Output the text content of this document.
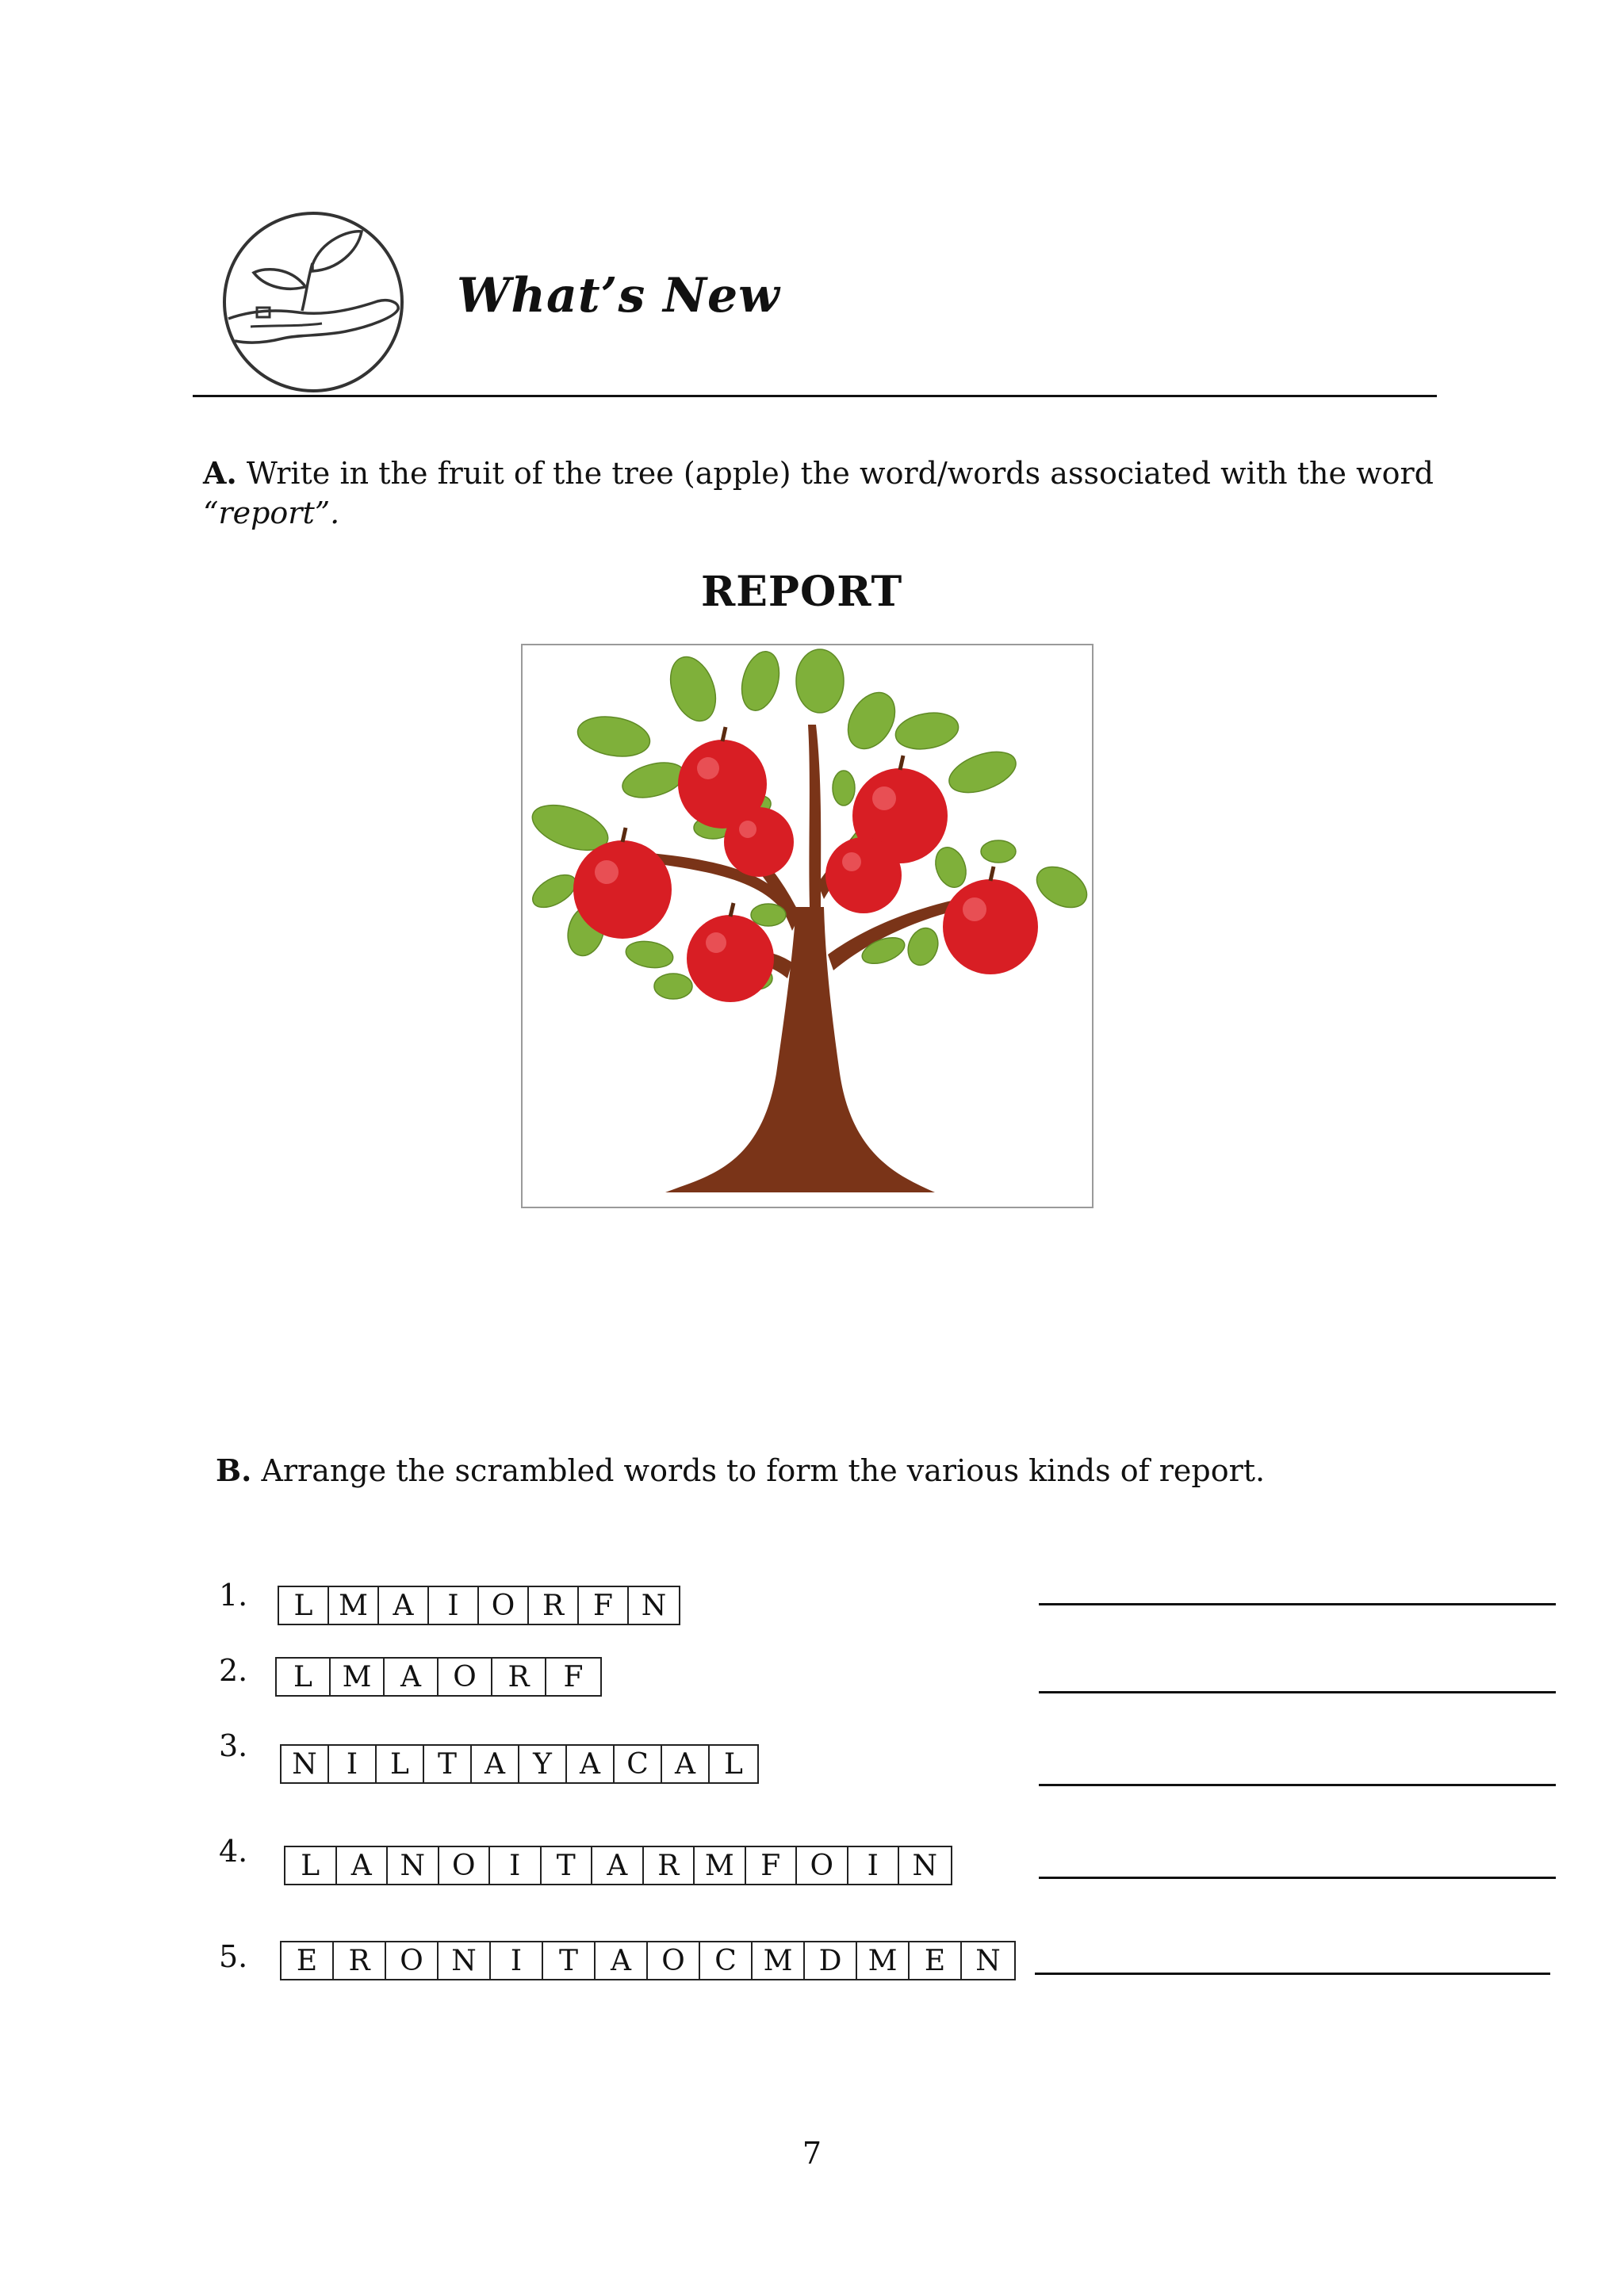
What’s New
A. Write in the fruit of the tree (apple) the word/words associated with the word “report”.
REPORT
B. Arrange the scrambled words to form the various kinds of report.
1.	L M A	I	O R	F N
2.	L	M	A	O	R	F
3.
N	I	L	T A Y A C A	L
4.	L	A N O	I	T	A	R M F	O	I	N
5.	E	R	O N	I	T	A	O	C M D M E	N
7
